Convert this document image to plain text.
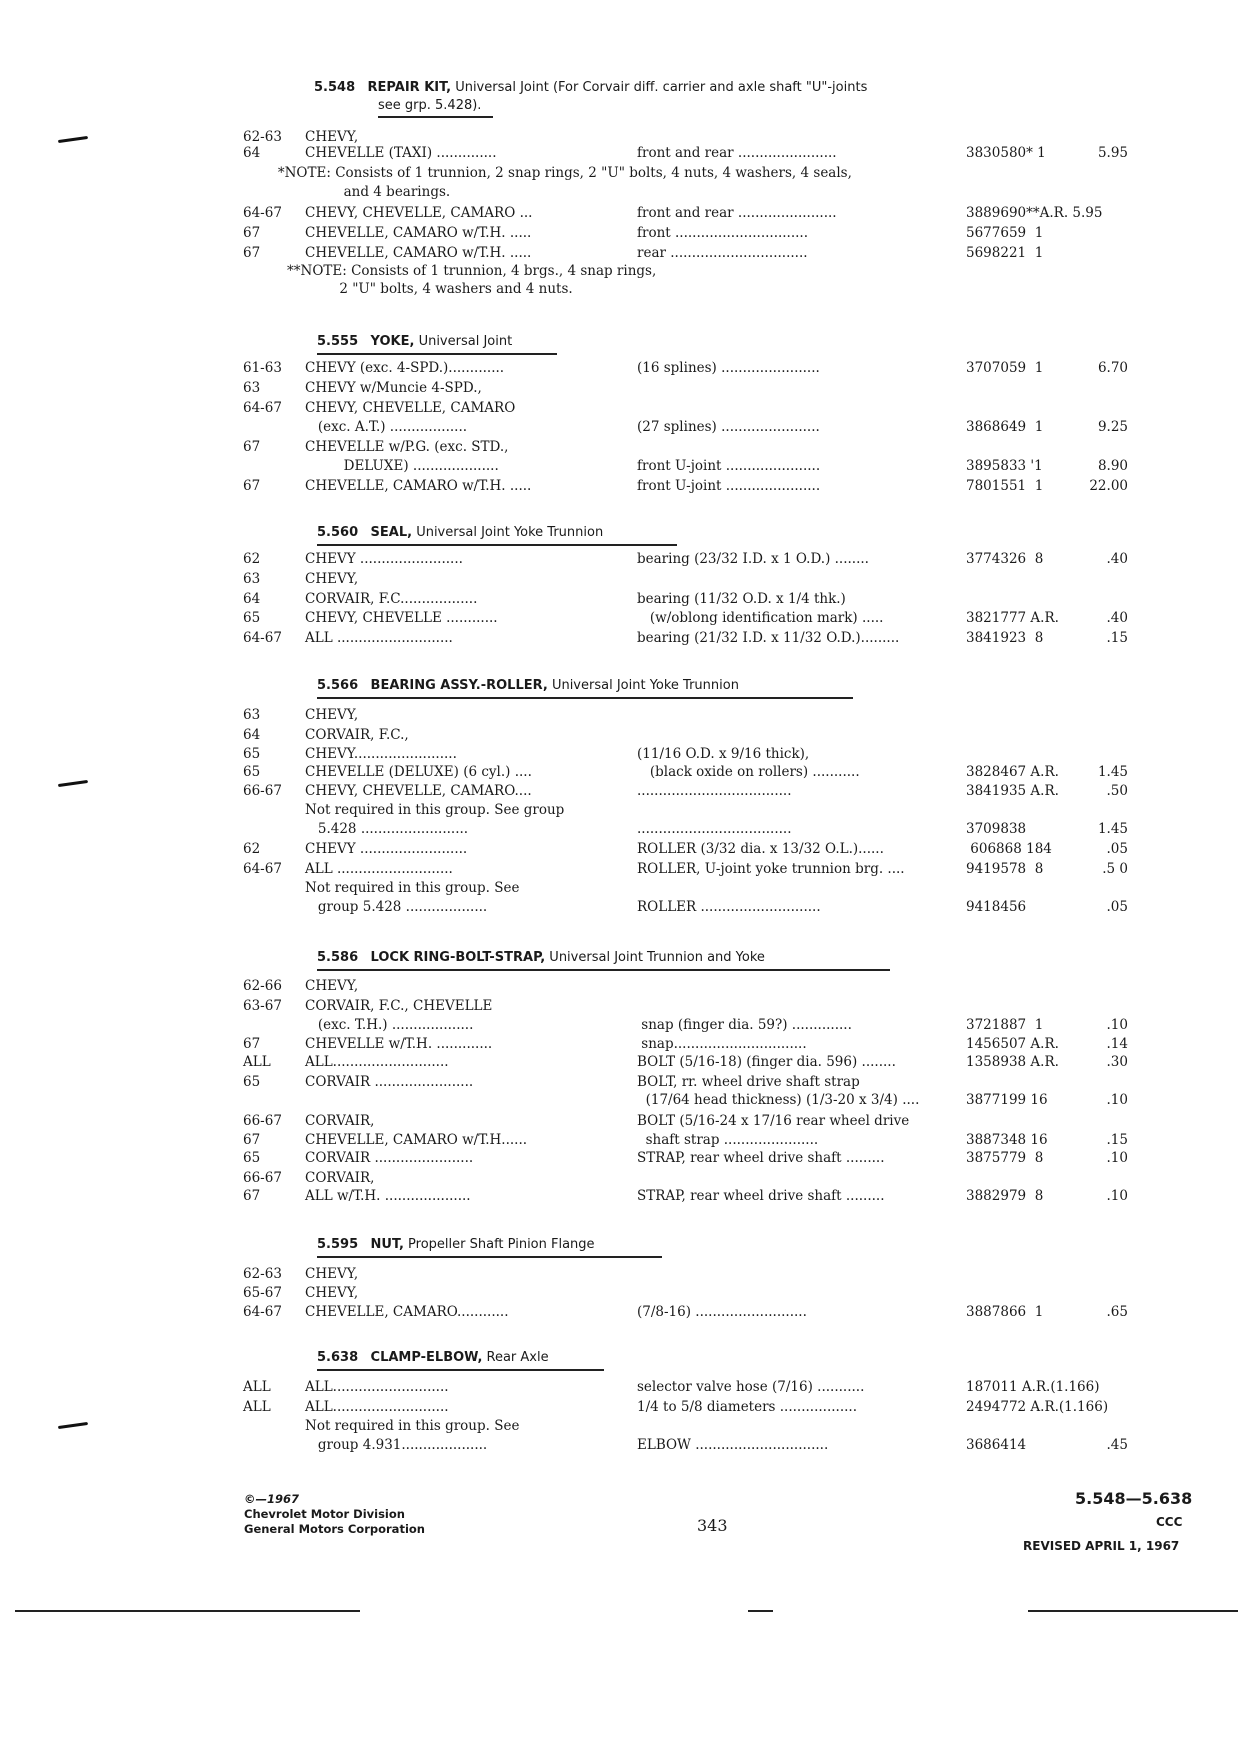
5.548 REPAIR KIT, Universal Joint (For Corvair diff. carrier and axle shaft "U"-joints
see grp. 5.428).
5.555 YOKE, Universal Joint
5.560 SEAL, Universal Joint Yoke Trunnion
5.566 BEARING ASSY.-ROLLER, Universal Joint Yoke Trunnion
5.586 LOCK RING-BOLT-STRAP, Universal Joint Trunnion and Yoke
5.595 NUT, Propeller Shaft Pinion Flange
5.638 CLAMP-ELBOW, Rear Axle
62-63 CHEVY,
64	CHEVELLE (TAXI) ..............	front and rear .......................	3830580* 1	5.95
*NOTE: Consists of 1 trunnion, 2 snap rings, 2 "U" bolts, 4 nuts, 4 washers, 4 seals,
and 4 bearings.
64-67 CHEVY, CHEVELLE, CAMARO ...	front and rear .......................	3889690**A.R. 5.95
67	CHEVELLE, CAMARO w/T.H. .....	front ...............................	5677659  1
67	CHEVELLE, CAMARO w/T.H. .....	rear ................................	5698221  1
**NOTE: Consists of 1 trunnion, 4 brgs., 4 snap rings,
2 "U" bolts, 4 washers and 4 nuts.
61-63 CHEVY (exc. 4-SPD.).............	(16 splines) .......................	3707059  1	6.70
63	CHEVY w/Muncie 4-SPD.,
64-67 CHEVY, CHEVELLE, CAMARO
(exc. A.T.) ..................	(27 splines) .......................	3868649  1	9.25
67	CHEVELLE w/P.G. (exc. STD.,
DELUXE) ....................	front U-joint ......................	3895833 '1	8.90
67	CHEVELLE, CAMARO w/T.H. .....	front U-joint ......................	7801551  1	22.00
62	CHEVY ........................	bearing (23/32 I.D. x 1 O.D.) ........	3774326  8	.40
63	CHEVY,
64	CORVAIR, F.C..................	bearing (11/32 O.D. x 1/4 thk.)
65	CHEVY, CHEVELLE ............	(w/oblong identification mark) .....	3821777 A.R.	.40
64-67 ALL ...........................	bearing (21/32 I.D. x 11/32 O.D.).........	3841923  8	.15
63	CHEVY,
64	CORVAIR, F.C.,
65	CHEVY........................	(11/16 O.D. x 9/16 thick),
65	CHEVELLE (DELUXE) (6 cyl.) ....	(black oxide on rollers) ...........	3828467 A.R.	1.45
66-67 CHEVY, CHEVELLE, CAMARO....	....................................	3841935 A.R.	.50
Not required in this group. See group
5.428 .........................	....................................	3709838	1.45
62	CHEVY .........................	ROLLER (3/32 dia. x 13/32 O.L.)......	606868 184	.05
64-67 ALL ...........................	ROLLER, U-joint yoke trunnion brg. ....	9419578  8	.5 0
Not required in this group. See
group 5.428 ...................	ROLLER ............................	9418456	.05
62-66 CHEVY,
63-67 CORVAIR, F.C., CHEVELLE
(exc. T.H.) ...................	snap (finger dia. 59?) ..............	3721887  1	.10
67	CHEVELLE w/T.H. .............	snap...............................	1456507 A.R.	.14
ALL	ALL...........................	BOLT (5/16-18) (finger dia. 596) ........	1358938 A.R.	.30
65	CORVAIR .......................	BOLT, rr. wheel drive shaft strap
(17/64 head thickness) (1/3-20 x 3/4) ....	3877199 16	.10
66-67 CORVAIR,	BOLT (5/16-24 x 17/16 rear wheel drive
67	CHEVELLE, CAMARO w/T.H......	shaft strap ......................	3887348 16	.15
65	CORVAIR .......................	STRAP, rear wheel drive shaft .........	3875779  8	.10
66-67 CORVAIR,
67	ALL w/T.H. ....................	STRAP, rear wheel drive shaft .........	3882979  8	.10
62-63 CHEVY,
65-67 CHEVY,
64-67 CHEVELLE, CAMARO............	(7/8-16) ..........................	3887866  1	.65
ALL	ALL...........................	selector valve hose (7/16) ...........	187011 A.R.(1.166)
ALL	ALL...........................	1/4 to 5/8 diameters ..................	2494772 A.R.(1.166)
Not required in this group. See
group 4.931....................	ELBOW ...............................	3686414	.45
©—1967
Chevrolet Motor Division
General Motors Corporation	343
5.548—5.638
CCC
REVISED APRIL 1, 1967
